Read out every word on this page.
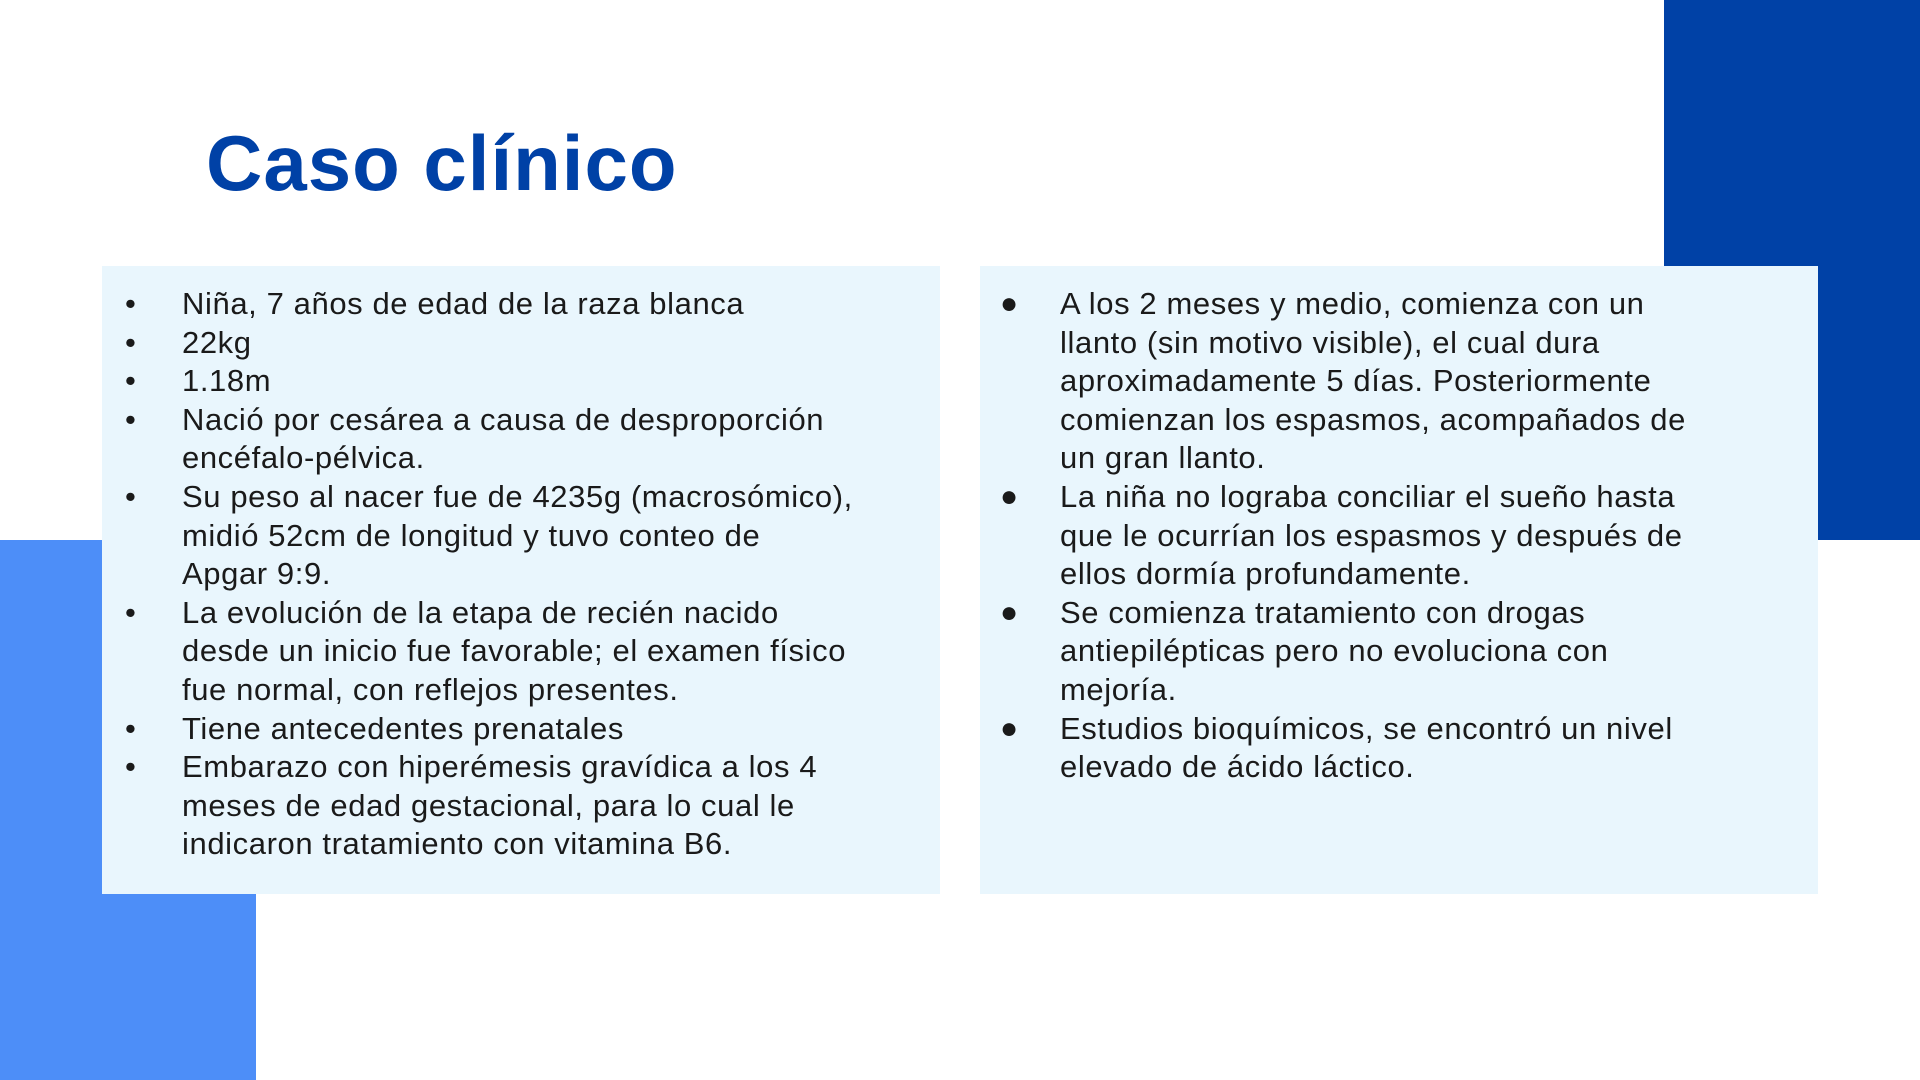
Caso clínico
• Niña, 7 años de edad de la raza blanca
• 22kg
• 1.18m
• Nació por cesárea a causa de desproporción
encéfalo-pélvica.
• Su peso al nacer fue de 4235g (macrosómico),
midió 52cm de longitud y tuvo conteo de
Apgar 9:9.
• La evolución de la etapa de recién nacido
desde un inicio fue favorable; el examen físico
fue normal, con reflejos presentes.
• Tiene antecedentes prenatales
• Embarazo con hiperémesis gravídica a los 4
meses de edad gestacional, para lo cual le
indicaron tratamiento con vitamina B6.
● A los 2 meses y medio, comienza con un
llanto (sin motivo visible), el cual dura
aproximadamente 5 días. Posteriormente
comienzan los espasmos, acompañados de
un gran llanto.
● La niña no lograba conciliar el sueño hasta
que le ocurrían los espasmos y después de
ellos dormía profundamente.
● Se comienza tratamiento con drogas
antiepilépticas pero no evoluciona con
mejoría.
● Estudios bioquímicos, se encontró un nivel
elevado de ácido láctico.
